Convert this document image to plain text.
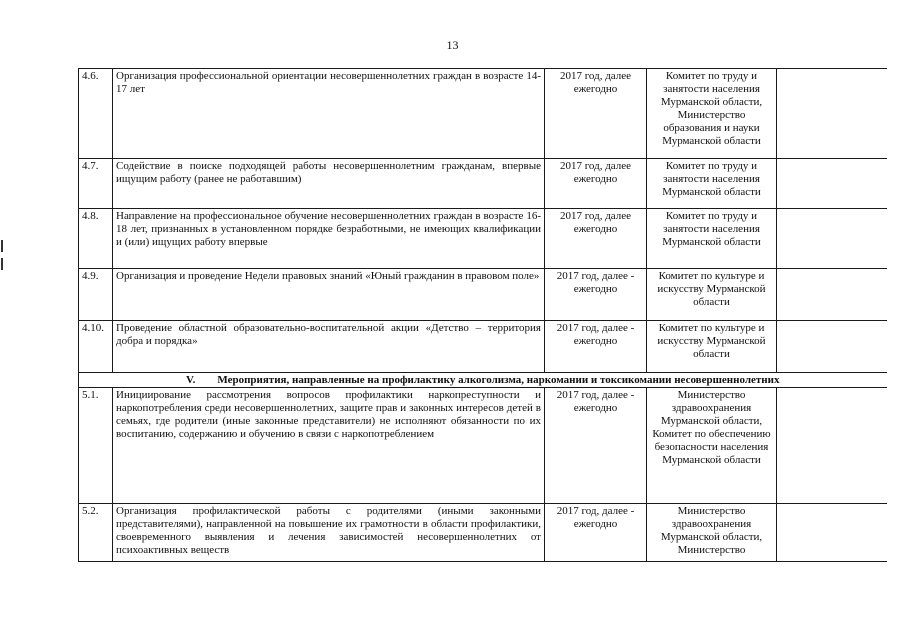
13
4.6.	Организация профессиональной ориентации несовершеннолетних граждан в возрасте 14-17 лет	2017 год, далее ежегодно	Комитет по труду и занятости населения Мурманской области, Министерство образования и науки Мурманской области	
4.7.	Содействие в поиске подходящей работы несовершеннолетним гражданам, впервые ищущим работу (ранее не работавшим)	2017 год, далее ежегодно	Комитет по труду и занятости населения Мурманской области	
4.8.	Направление на профессиональное обучение несовершеннолетних граждан в возрасте 16-18 лет, признанных в установленном порядке безработными, не имеющих квалификации и (или) ищущих работу впервые	2017 год, далее ежегодно	Комитет по труду и занятости населения Мурманской области	
4.9.	Организация и проведение Недели правовых знаний «Юный гражданин в правовом поле»	2017 год, далее - ежегодно	Комитет по культуре и искусству Мурманской области	
4.10.	Проведение областной образовательно-воспитательной акции «Детство – территория добра и порядка»	2017 год, далее - ежегодно	Комитет по культуре и искусству Мурманской области	
V. Мероприятия, направленные на профилактику алкоголизма, наркомании и токсикомании несовершеннолетних				
5.1.	Инициирование рассмотрения вопросов профилактики наркопреступности и наркопотребления среди несовершеннолетних, защите прав и законных интересов детей в семьях, где родители (иные законные представители) не исполняют обязанности по их воспитанию, содержанию и обучению в связи с наркопотреблением	2017 год, далее - ежегодно	Министерство здравоохранения Мурманской области, Комитет по обеспечению безопасности населения Мурманской области	
5.2.	Организация профилактической работы с родителями (иными законными представителями), направленной на повышение их грамотности в области профилактики, своевременного выявления и лечения зависимостей несовершеннолетних от психоактивных веществ	2017 год, далее - ежегодно	Министерство здравоохранения Мурманской области, Министерство	
